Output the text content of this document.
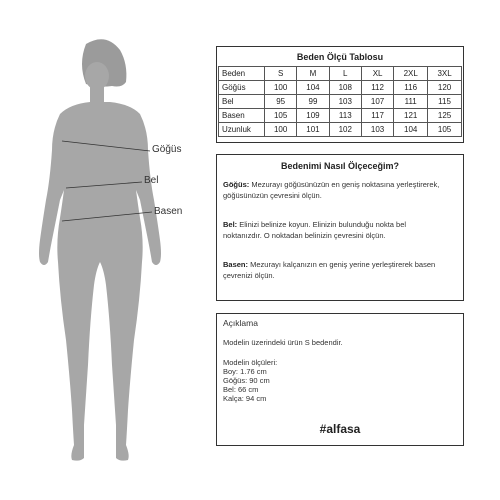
Göğüs
Bel
Basen
Beden Ölçü Tablosu
Beden	S	M	L	XL	2XL	3XL
Göğüs	100	104	108	112	116	120
Bel	95	99	103	107	111	115
Basen	105	109	113	117	121	125
Uzunluk	100	101	102	103	104	105
Bedenimi Nasıl Ölçeceğim?
Göğüs: Mezurayı göğüsünüzün en geniş noktasına yerleştirerek,
göğüsünüzün çevresini ölçün.
Bel: Elinizi belinize koyun. Elinizin bulunduğu nokta bel
noktanızdır. O noktadan belinizin çevresini ölçün.
Basen: Mezurayı kalçanızın en geniş yerine yerleştirerek basen
çevrenizi ölçün.
Açıklama
Modelin üzerindeki ürün S bedendir.
Modelin ölçüleri:
Boy: 1.76 cm
Göğüs: 90 cm
Bel: 66 cm
Kalça: 94 cm
#alfasa
